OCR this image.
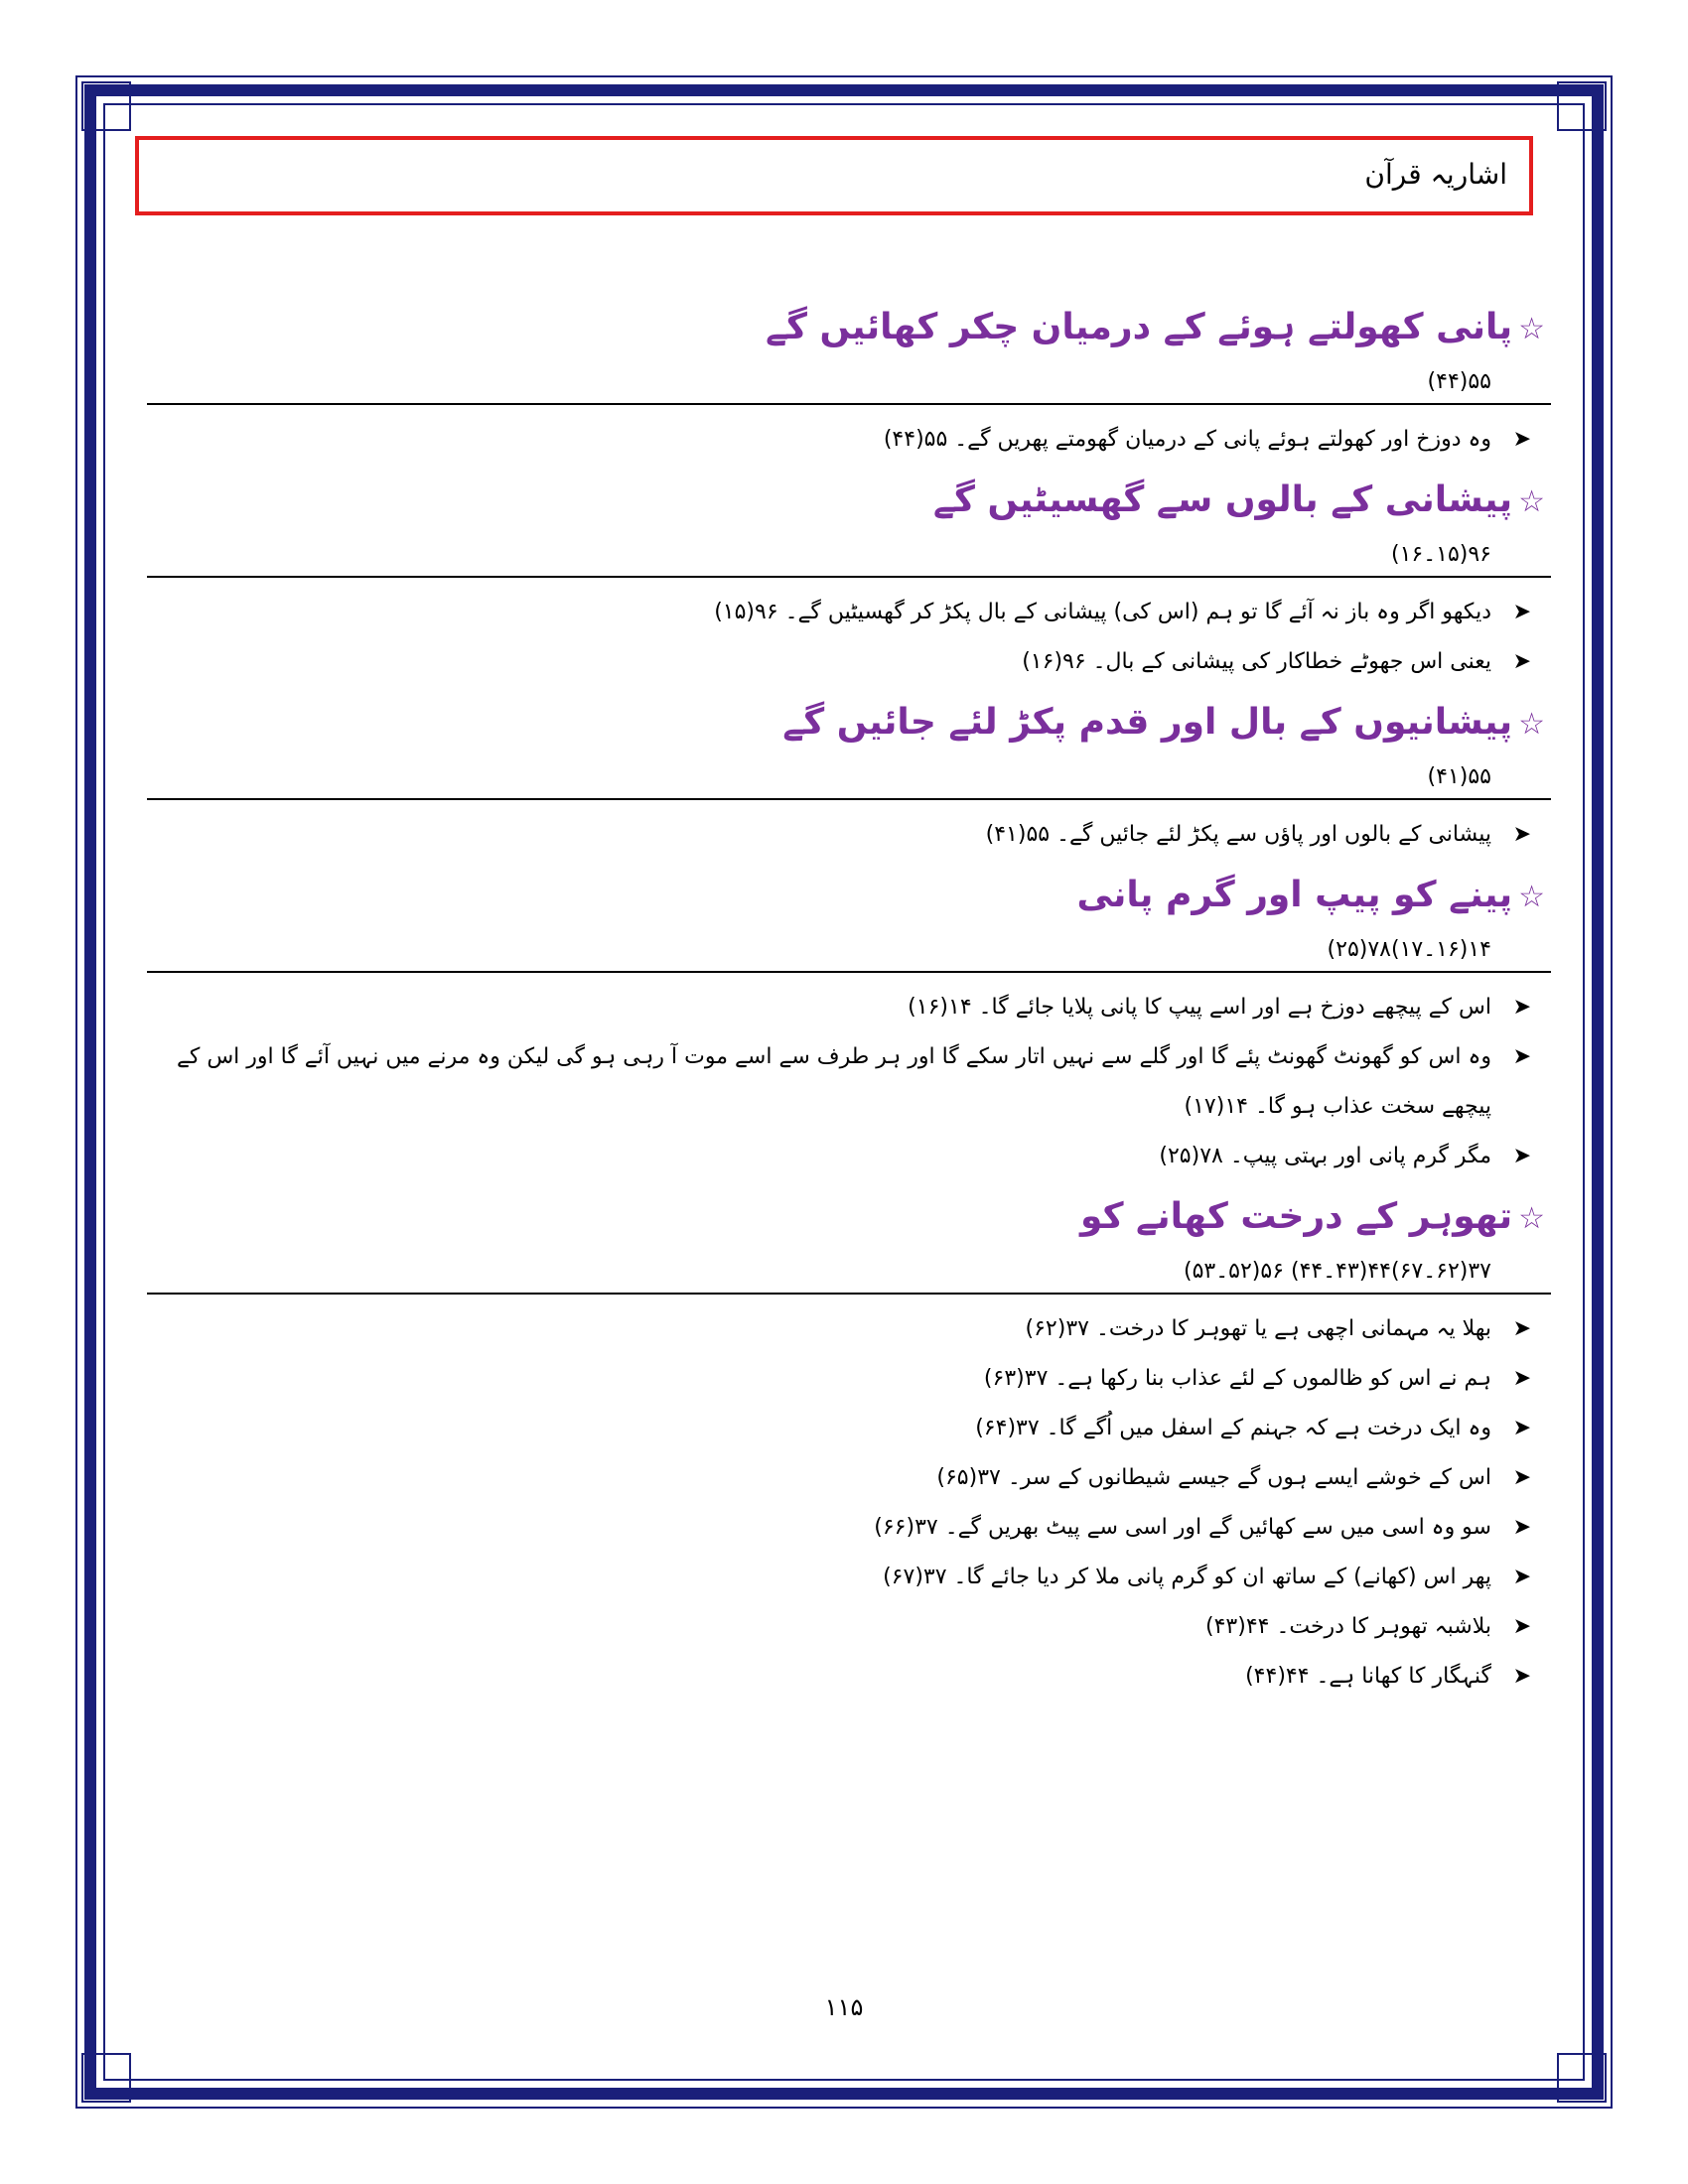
اشاریہ قرآن
☆پانی کھولتے ہوئے کے درمیان چکر کھائیں گے
۵۵(۴۴)
➤
وہ دوزخ اور کھولتے ہوئے پانی کے درمیان گھومتے پھریں گے۔ ۵۵(۴۴)
☆پیشانی کے بالوں سے گھسیٹیں گے
۹۶(۱۵۔۱۶)
➤
دیکھو اگر وہ باز نہ آئے گا تو ہم (اس کی) پیشانی کے بال پکڑ کر گھسیٹیں گے۔ ۹۶(۱۵)
➤
یعنی اس جھوٹے خطاکار کی پیشانی کے بال۔ ۹۶(۱۶)
☆پیشانیوں کے بال اور قدم پکڑ لئے جائیں گے
۵۵(۴۱)
➤
پیشانی کے بالوں اور پاؤں سے پکڑ لئے جائیں گے۔ ۵۵(۴۱)
☆پینے کو پیپ اور گرم پانی
۱۴(۱۶۔۱۷)۷۸(۲۵)
➤
اس کے پیچھے دوزخ ہے اور اسے پیپ کا پانی پلایا جائے گا۔ ۱۴(۱۶)
➤
وہ اس کو گھونٹ گھونٹ پئے گا اور گلے سے نہیں اتار سکے گا اور ہر طرف سے اسے موت آ رہی ہو گی لیکن وہ مرنے میں نہیں آئے گا اور اس کے پیچھے سخت عذاب ہو گا۔ ۱۴(۱۷)
➤
مگر گرم پانی اور بہتی پیپ۔ ۷۸(۲۵)
☆تھوہر کے درخت کھانے کو
۳۷(۶۲۔۶۷)۴۴(۴۳۔۴۴) ۵۶(۵۲۔۵۳)
➤
بھلا یہ مہمانی اچھی ہے یا تھوہر کا درخت۔ ۳۷(۶۲)
➤
ہم نے اس کو ظالموں کے لئے عذاب بنا رکھا ہے۔ ۳۷(۶۳)
➤
وہ ایک درخت ہے کہ جہنم کے اسفل میں اُگے گا۔ ۳۷(۶۴)
➤
اس کے خوشے ایسے ہوں گے جیسے شیطانوں کے سر۔ ۳۷(۶۵)
➤
سو وہ اسی میں سے کھائیں گے اور اسی سے پیٹ بھریں گے۔ ۳۷(۶۶)
➤
پھر اس (کھانے) کے ساتھ ان کو گرم پانی ملا کر دیا جائے گا۔ ۳۷(۶۷)
➤
بلاشبہ تھوہر کا درخت۔ ۴۴(۴۳)
➤
گنہگار کا کھانا ہے۔ ۴۴(۴۴)
۱۱۵
